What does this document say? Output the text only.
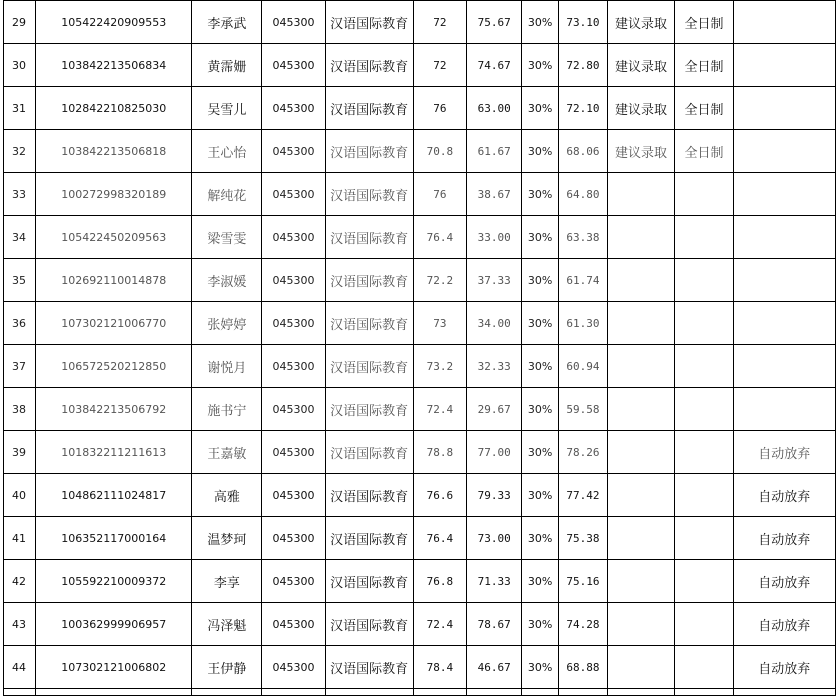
29	105422420909553	李承武	045300	汉语国际教育	72	75.67	30%	73.10	建议录取	全日制	
30	103842213506834	黄霈姗	045300	汉语国际教育	72	74.67	30%	72.80	建议录取	全日制	
31	102842210825030	吴雪儿	045300	汉语国际教育	76	63.00	30%	72.10	建议录取	全日制	
32	103842213506818	王心怡	045300	汉语国际教育	70.8	61.67	30%	68.06	建议录取	全日制	
33	100272998320189	解纯花	045300	汉语国际教育	76	38.67	30%	64.80			
34	105422450209563	梁雪雯	045300	汉语国际教育	76.4	33.00	30%	63.38			
35	102692110014878	李淑媛	045300	汉语国际教育	72.2	37.33	30%	61.74			
36	107302121006770	张婷婷	045300	汉语国际教育	73	34.00	30%	61.30			
37	106572520212850	谢悦月	045300	汉语国际教育	73.2	32.33	30%	60.94			
38	103842213506792	施书宁	045300	汉语国际教育	72.4	29.67	30%	59.58			
39	101832211211613	王嘉敏	045300	汉语国际教育	78.8	77.00	30%	78.26			自动放弃
40	104862111024817	高雅	045300	汉语国际教育	76.6	79.33	30%	77.42			自动放弃
41	106352117000164	温梦珂	045300	汉语国际教育	76.4	73.00	30%	75.38			自动放弃
42	105592210009372	李享	045300	汉语国际教育	76.8	71.33	30%	75.16			自动放弃
43	100362999906957	冯泽魁	045300	汉语国际教育	72.4	78.67	30%	74.28			自动放弃
44	107302121006802	王伊静	045300	汉语国际教育	78.4	46.67	30%	68.88			自动放弃
